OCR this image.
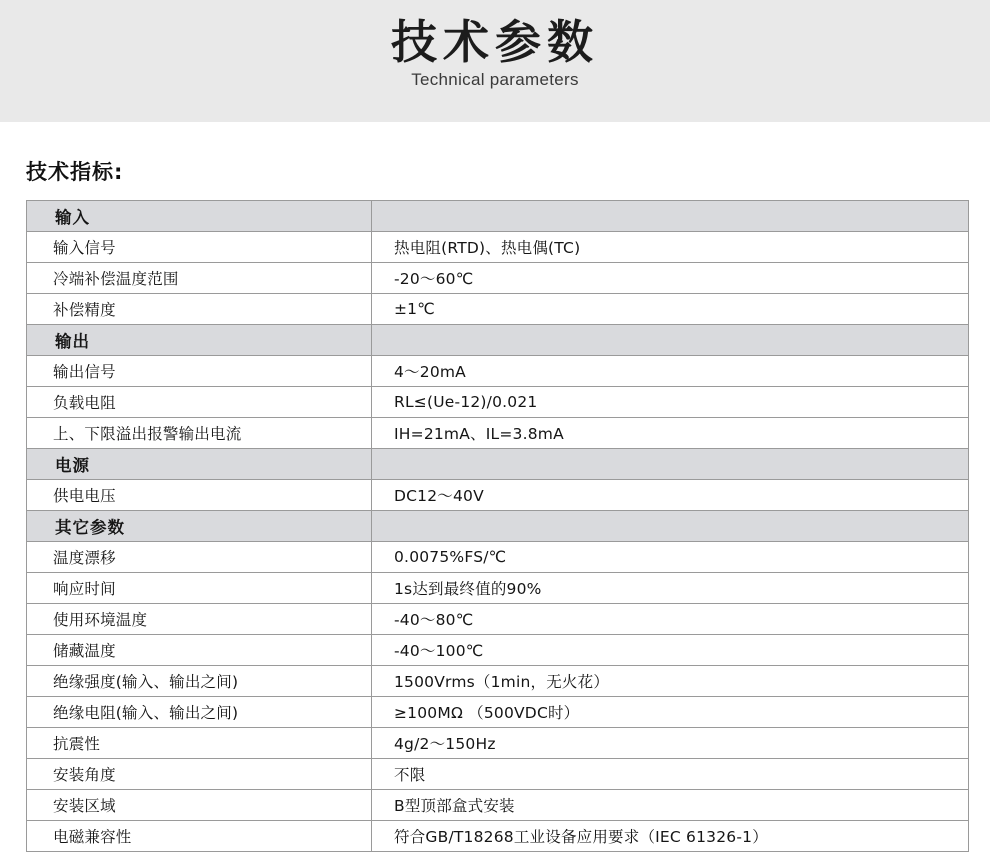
技术参数
Technical parameters
技术指标:
输入	
输入信号	热电阻(RTD)、热电偶(TC)
冷端补偿温度范围	-20～60℃
补偿精度	±1℃
输出	
输出信号	4～20mA
负载电阻	RL≤(Ue-12)/0.021
上、下限溢出报警输出电流	IH=21mA、IL=3.8mA
电源	
供电电压	DC12～40V
其它参数	
温度漂移	0.0075%FS/℃
响应时间	1s达到最终值的90%
使用环境温度	-40～80℃
储藏温度	-40～100℃
绝缘强度(输入、输出之间)	1500Vrms（1min，无火花）
绝缘电阻(输入、输出之间)	≥100MΩ （500VDC时）
抗震性	4g/2～150Hz
安装角度	不限
安装区域	B型顶部盒式安装
电磁兼容性	符合GB/T18268工业设备应用要求（IEC 61326-1）
